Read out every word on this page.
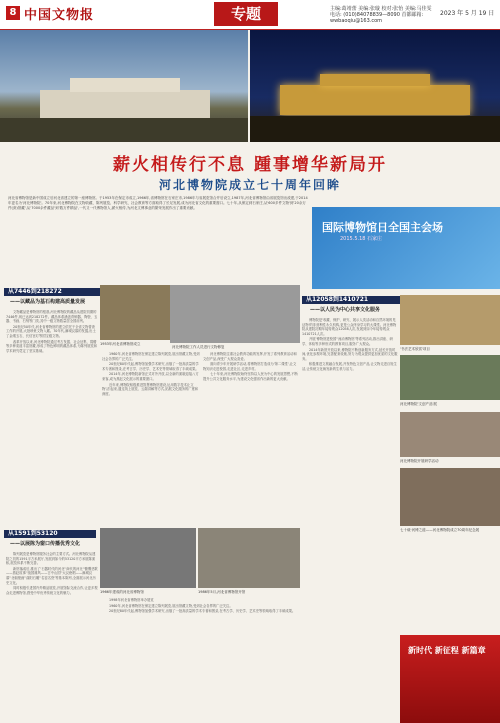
8 中国文物报	专题	主编:葛靖蕾 美编:张璇 校对:张怡 美编:马佳雯
电话: (010)84078839—8090 首都邮箱: wwbaoqiu@163.com
2023 年 5 月 19 日
薪火相传行不息 踵事增华新局开
河北博物院成立七十周年回眸
河北省博物馆是新中国成立后河北省建立的第一座博物馆。于1953年在保定市成立,1966年,省博物馆在石家庄市,1986年与省展览馆合并后设立,1987年,河北省博物馆由省展览馆出改建,于2014年更名为'河北博物院'。70年来,河北博物院在文物收藏、陈列展览、科学研究、社会教育等方面取得了长足发展,成为河北省文化的重要窗口。七十年,从保定到石家庄,从'600多件文物'到'20余万件(套)馆藏',从'7000余件藏品'到'数万件精品',一代又一代博物馆人,薪火相传,为河北文博事业的繁荣发展作出了重要贡献。
国际博物馆日全国主会场
2015.5.18 石家庄
从7446到218272
——以藏品为基石构建高质量发展

文物藏品是博物馆的根基,河北博物院的藏品从建院初期的7446件,现已达到218272件。藏品体系涵盖青铜器、陶瓷、玉器、书画、石刻等门类,其中一级文物数量居全国前列。

20世纪50年代,河北省博物馆的建立依托于全省文物普查工作的开展,大批珍贵文物入藏。70年代,满城汉墓的发掘,出土了金缕玉衣、长信宫灯等国宝级文物。

改革开放以来,河北博物院通过考古发掘、社会征集、捐赠等多种渠道丰富馆藏,形成了特色鲜明的藏品体系,为陈列展览和学术研究奠定了坚实基础。

从1591到53120
——以展陈为窗口传播优秀文化

陈列展览是博物馆服务社会的主要方式。河北博物院从建院之初的1591平方米展厅,发展到如今的53120平方米展陈面积,展览体系不断完善。

新馆落成后,推出了'石器时代的河北''商代的河北''慷慨悲歌——燕赵故事''战国雄风——古中山国''大汉绝唱——满城汉墓''北朝壁画''曲阳石雕''名窑名瓷'等基本陈列,全面展示河北历史文化。

同时积极引进国内外精品展览,开展馆际交流合作,让更多观众走进博物馆,感受中华优秀传统文化的魅力。

1953年河北省博物馆成立
河北博物院工作人员进行文物修复

1960年,河北省博物馆在保定建立陈列展览,展出馆藏文物,受到社会各界的广泛关注。

20世纪80年代起,博物馆加强学术研究,出版了一批高质量的学术专著和图录,在考古学、历史学、艺术史等领域取得了丰硕成果。

2014年,河北博物院新馆正式对外开放,以全新的面貌迎接八方来客,成为燕赵文化展示的重要窗口。

近年来,博物院积极推进智慧博物馆建设,运用数字技术让文物'活'起来,通过线上展览、云端讲解等方式,拓展文化服务的广度和深度。

河北博物院注重社会教育功能的发挥,开发了系列教育活动和文创产品,深受广大观众喜爱。

面向青少年开展研学活动,将博物馆打造成为'第二课堂',让文物知识走进校园,走进社区,走进乡村。

七十年来,河北博物院始终坚持以人民为中心的发展思想,不断提升公共文化服务水平,为建设文化强省作出新的更大贡献。

1966年建成的河北省博物馆	1986年5月,河北省博物馆开馆

1998年河北省博物馆举办展览

1960年,河北省博物馆在保定建立陈列展览,展出馆藏文物,受到社会各界的广泛关注。

20世纪80年代起,博物馆加强学术研究,出版了一批高质量的学术专著和图录,在考古学、历史学、艺术史等领域取得了丰硕成果。

从12058到1410721
——以人民为中心共享文化服务

博物院是'收藏、保护、研究、展示人类活动和自然环境的见证物'的非营利性永久机构,更是公众终身学习的大课堂。河北博物院从建院初期年接待观众12058人次,发展到如今年接待观众1410721人次。

开展'博物馆进校园''流动博物馆'等系列活动,推出讲座、研学、体验等多种形式的教育项目,服务广大观众。

2014年新馆开放以来,博物院不断创新服务方式,延长开放时间,优化参观环境,完善配套设施,努力为观众提供更加优质的文化服务。

积极推进文旅融合发展,开发特色文创产品,让文物走进百姓生活,让传统文化焕发新的生机与活力。

'书法艺术欣赏'项目
河北博物院'文创产品'展
河北博物院开展研学活动
七十载·河博之道——河北博物院成立70周年纪念展
新时代 新征程 新篇章
